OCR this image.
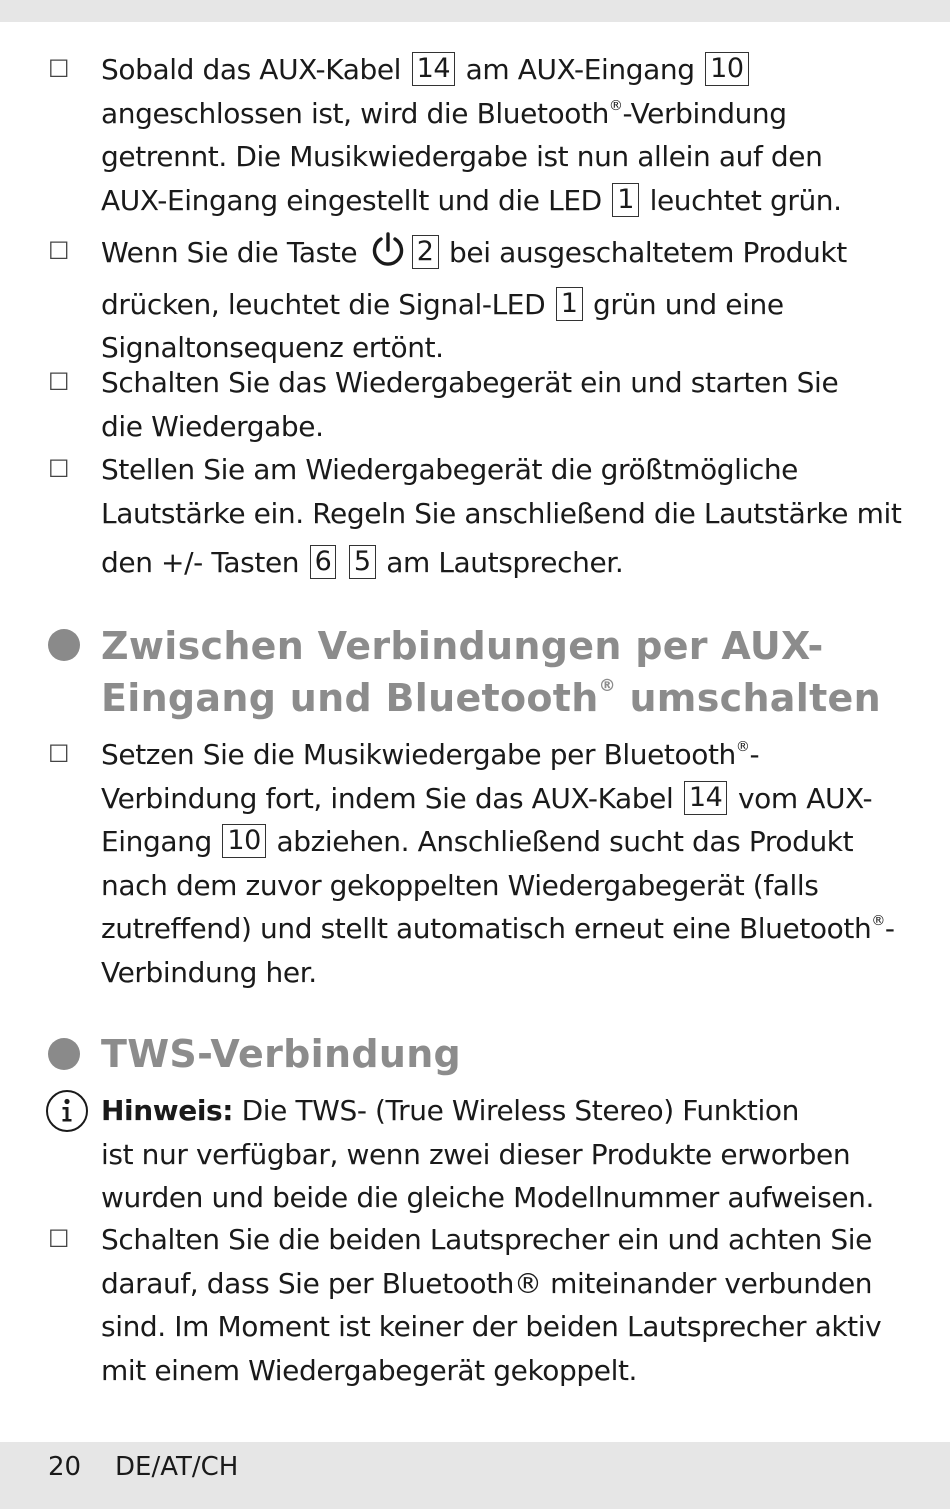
☐ Sobald das AUX-Kabel 14 am AUX-Eingang 10
angeschlossen ist, wird die Bluetooth®-Verbindung
getrennt. Die Musikwiedergabe ist nun allein auf den
AUX-Eingang eingestellt und die LED 1 leuchtet grün.
☐ Wenn Sie die Taste 2 bei ausgeschaltetem Produkt
drücken, leuchtet die Signal-LED 1 grün und eine
Signaltonsequenz ertönt.
☐ Schalten Sie das Wiedergabegerät ein und starten Sie
die Wiedergabe.
☐ Stellen Sie am Wiedergabegerät die größtmögliche
Lautstärke ein. Regeln Sie anschließend die Lautstärke mit
den +/- Tasten 6 5 am Lautsprecher.
Zwischen Verbindungen per AUX-
Eingang und Bluetooth® umschalten
☐ Setzen Sie die Musikwiedergabe per Bluetooth®-
Verbindung fort, indem Sie das AUX-Kabel 14 vom AUX-
Eingang 10 abziehen. Anschließend sucht das Produkt
nach dem zuvor gekoppelten Wiedergabegerät (falls
zutreffend) und stellt automatisch erneut eine Bluetooth®-
Verbindung her.
TWS-Verbindung
Hinweis: Die TWS- (True Wireless Stereo) Funktion
ist nur verfügbar, wenn zwei dieser Produkte erworben
wurden und beide die gleiche Modellnummer aufweisen.
☐ Schalten Sie die beiden Lautsprecher ein und achten Sie
darauf, dass Sie per Bluetooth® miteinander verbunden
sind. Im Moment ist keiner der beiden Lautsprecher aktiv
mit einem Wiedergabegerät gekoppelt.
20 DE/AT/CH
